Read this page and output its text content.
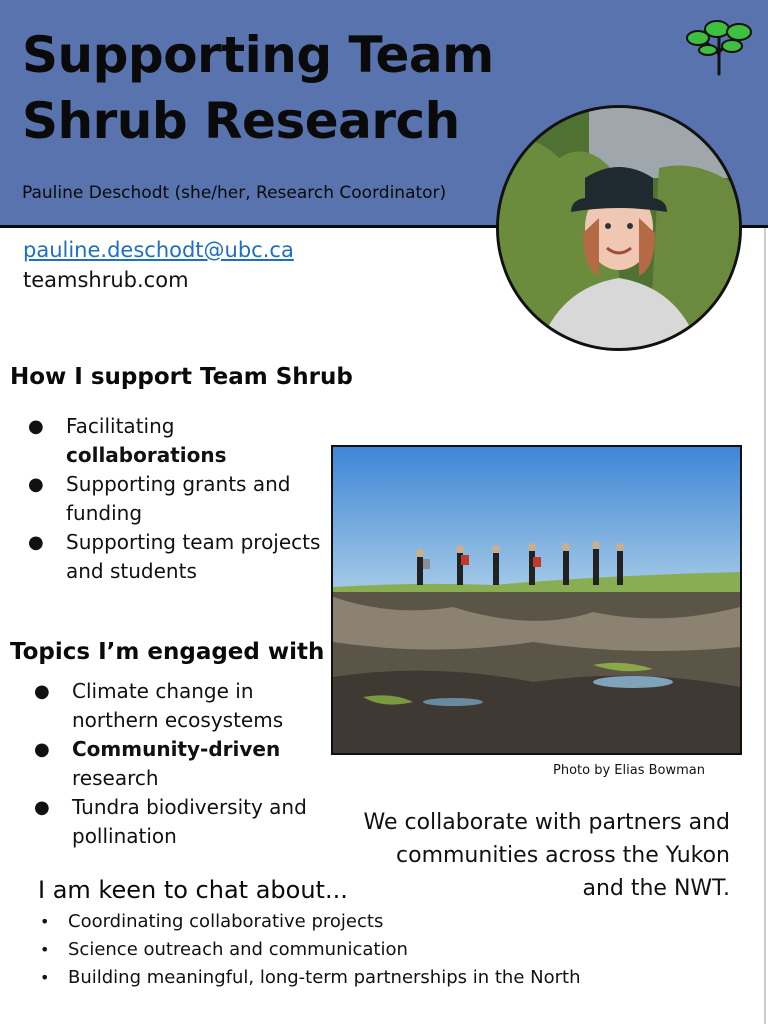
Supporting Team Shrub Research

Pauline Deschodt (she/her, Research Coordinator)

pauline.deschodt@ubc.ca
teamshrub.com
How I support Team Shrub
● Facilitating
collaborations
● Supporting grants and funding
● Supporting team projects and students
Photo by Elias Bowman
Topics I’m engaged with
● Climate change in northern ecosystems
● Community-driven
research
● Tundra biodiversity and pollination
We collaborate with partners and communities across the Yukon and the NWT.
I am keen to chat about...
• Coordinating collaborative projects
• Science outreach and communication
• Building meaningful, long-term partnerships in the North
